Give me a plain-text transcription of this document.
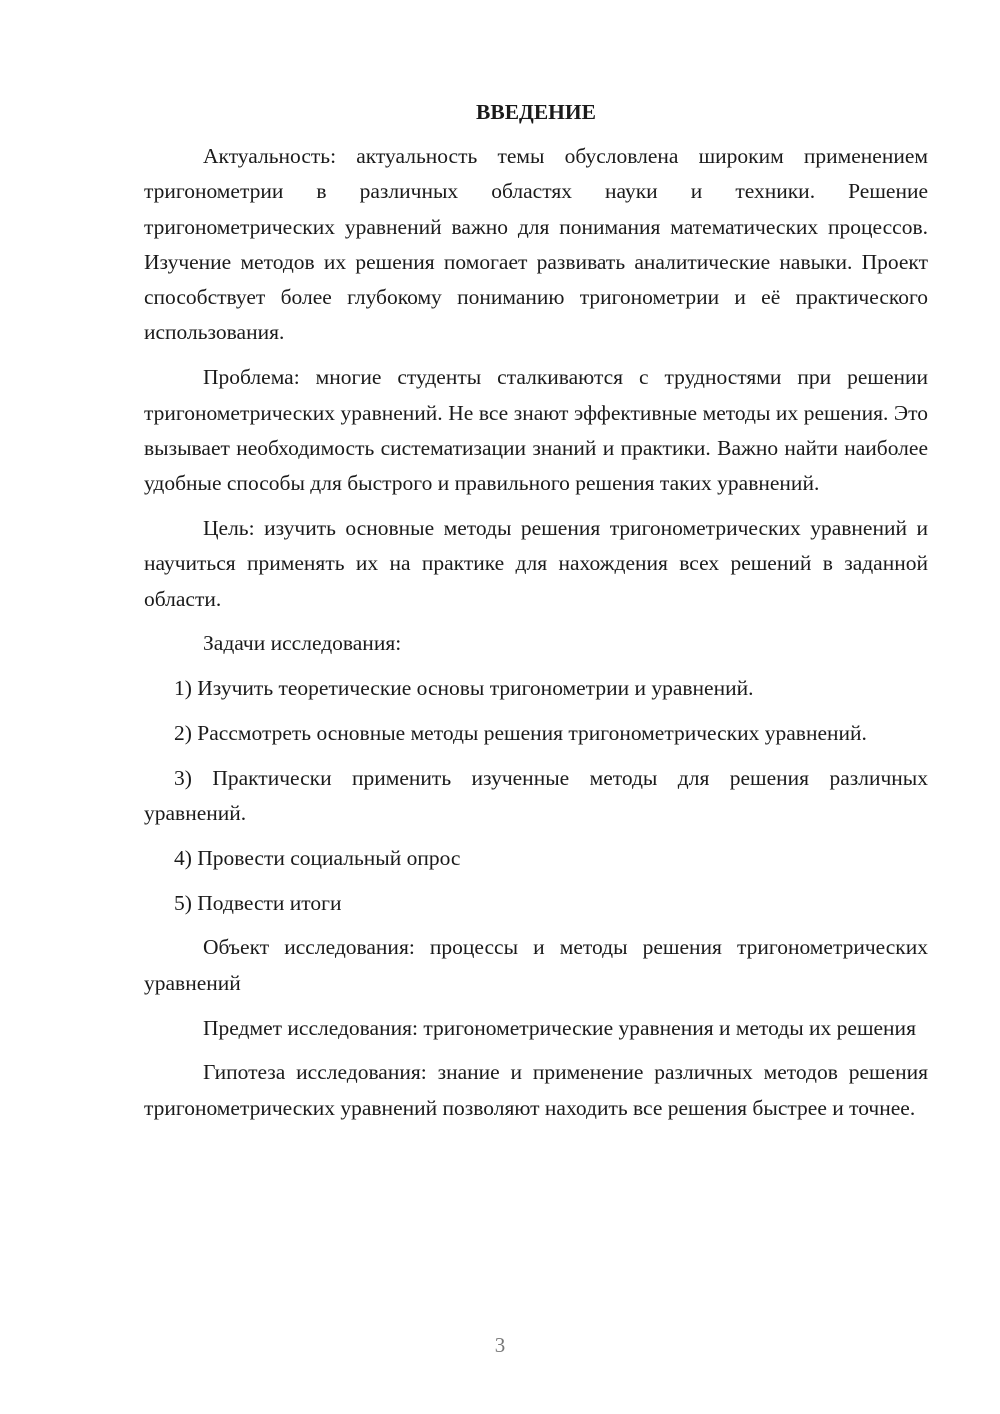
ВВЕДЕНИЕ

Актуальность: актуальность темы обусловлена широким применением тригонометрии в различных областях науки и техники. Решение тригонометрических уравнений важно для понимания математических процессов. Изучение методов их решения помогает развивать аналитические навыки. Проект способствует более глубокому пониманию тригонометрии и её практического использования.

Проблема: многие студенты сталкиваются с трудностями при решении тригонометрических уравнений. Не все знают эффективные методы их решения. Это вызывает необходимость систематизации знаний и практики. Важно найти наиболее удобные способы для быстрого и правильного решения таких уравнений.

Цель: изучить основные методы решения тригонометрических уравнений и научиться применять их на практике для нахождения всех решений в заданной области.

Задачи исследования:

1) Изучить теоретические основы тригонометрии и уравнений.

2) Рассмотреть основные методы решения тригонометрических уравнений.

3) Практически применить изученные методы для решения различных уравнений.

4) Провести социальный опрос

5) Подвести итоги

Объект исследования: процессы и методы решения тригонометрических уравнений

Предмет исследования: тригонометрические уравнения и методы их решения

Гипотеза исследования: знание и применение различных методов решения тригонометрических уравнений позволяют находить все решения быстрее и точнее.

3
